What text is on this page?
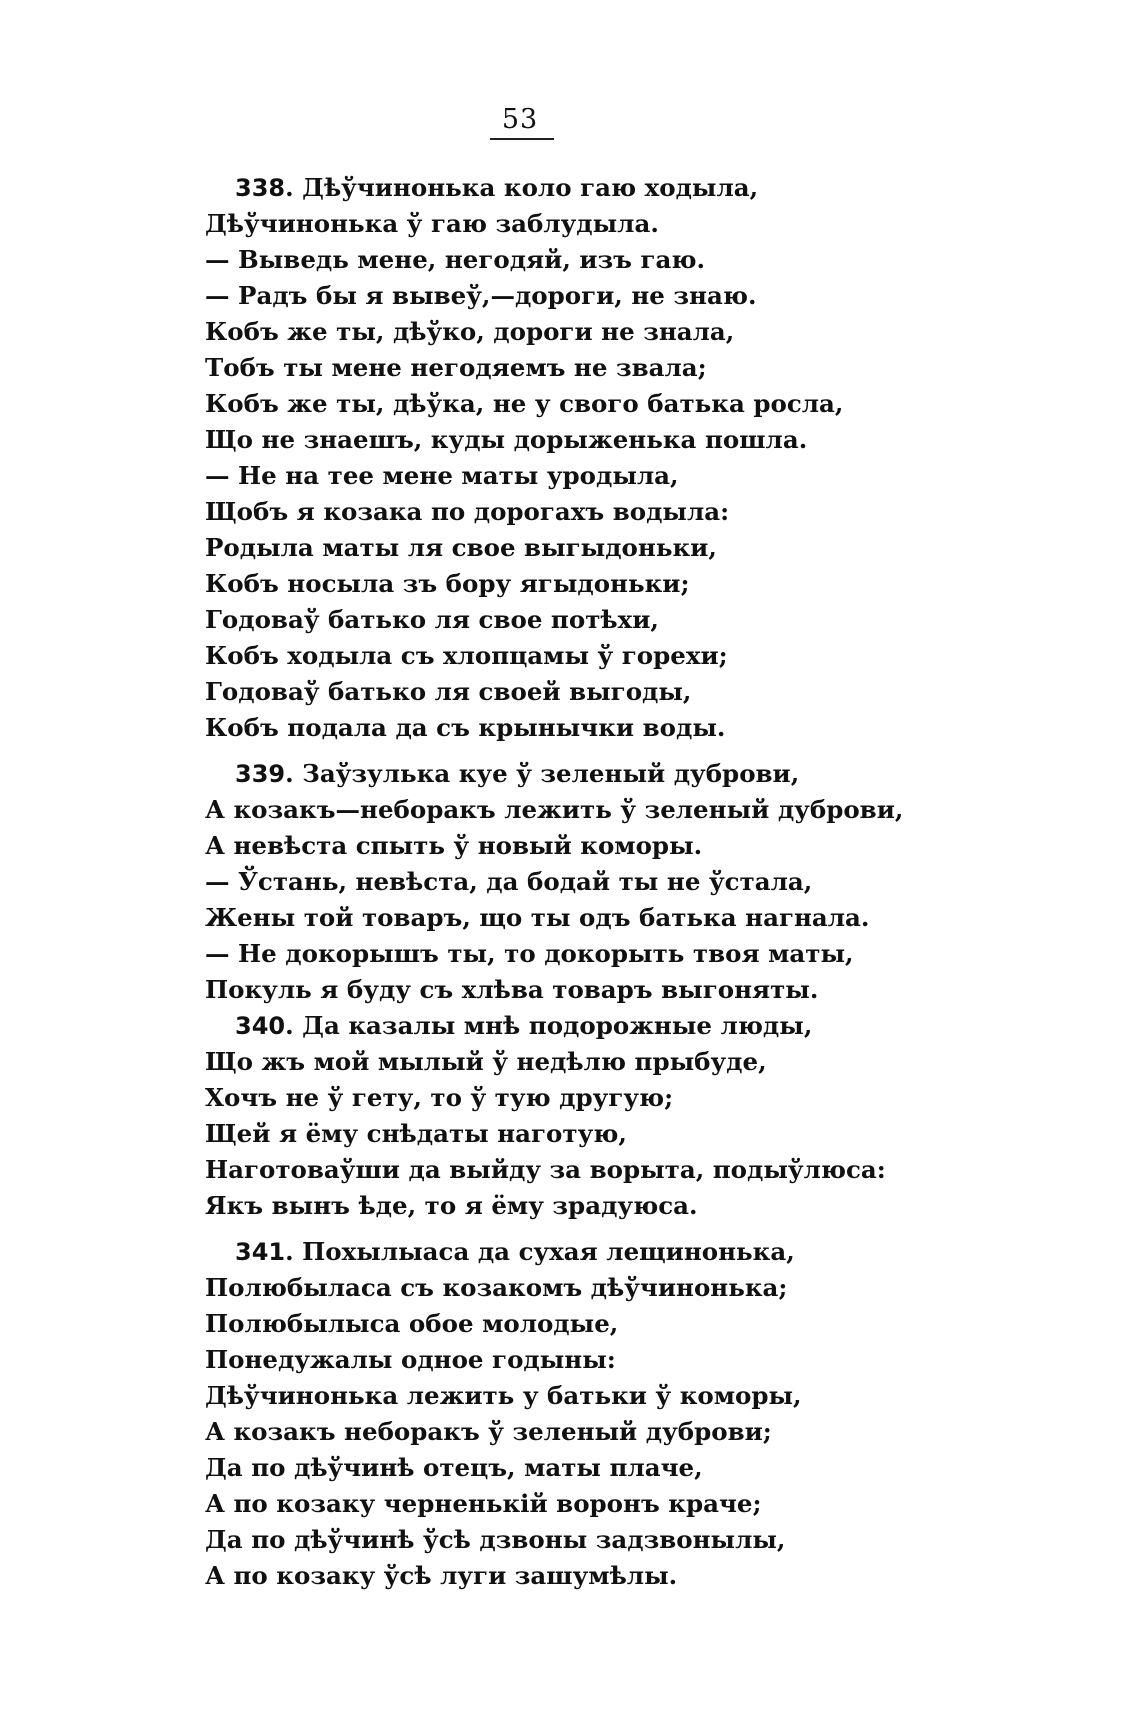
53
338. Дѣўчинонька коло гаю ходыла,
Дѣўчинонька ў гаю заблудыла.
— Выведь мене, негодяй, изъ гаю.
— Радъ бы я вывеў,—дороги, не знаю.
Кобъ же ты, дѣўко, дороги не знала,
Тобъ ты мене негодяемъ не звала;
Кобъ же ты, дѣўка, не у свого батька росла,
Що не знаешъ, куды дорыженька пошла.
— Не на тее мене маты уродыла,
Щобъ я козака по дорогахъ водыла:
Родыла маты ля свое выгыдоньки,
Кобъ носыла зъ бору ягыдоньки;
Годоваў батько ля свое потѣхи,
Кобъ ходыла съ хлопцамы ў горехи;
Годоваў батько ля своей выгоды,
Кобъ подала да съ крынычки воды.
339. Заўзулька куе ў зеленый дуброви,
А козакъ—неборакъ лежить ў зеленый дуброви,
А невѣста спыть ў новый коморы.
— Ўстань, невѣста, да бодай ты не ўстала,
Жены той товаръ, що ты одъ батька нагнала.
— Не докорышъ ты, то докорыть твоя маты,
Покуль я буду съ хлѣва товаръ выгоняты.
340. Да казалы мнѣ подорожные люды,
Що жъ мой мылый ў недѣлю прыбуде,
Хочъ не ў гету, то ў тую другую;
Щей я ёму снѣдаты наготую,
Наготоваўши да выйду за ворыта, подыўлюса:
Якъ вынъ ѣде, то я ёму зрадуюса.
341. Похылыаса да сухая лещинонька,
Полюбылаcа съ козакомъ дѣўчинонька;
Полюбылыса обое молодые,
Понедужалы одное годыны:
Дѣўчинонька лежить у батьки ў коморы,
А козакъ неборакъ ў зеленый дуброви;
Да по дѣўчинѣ отецъ, маты плаче,
А по козаку черненькій воронъ краче;
Да по дѣўчинѣ ўсѣ дзвоны задзвонылы,
А по козаку ўсѣ луги зашумѣлы.
